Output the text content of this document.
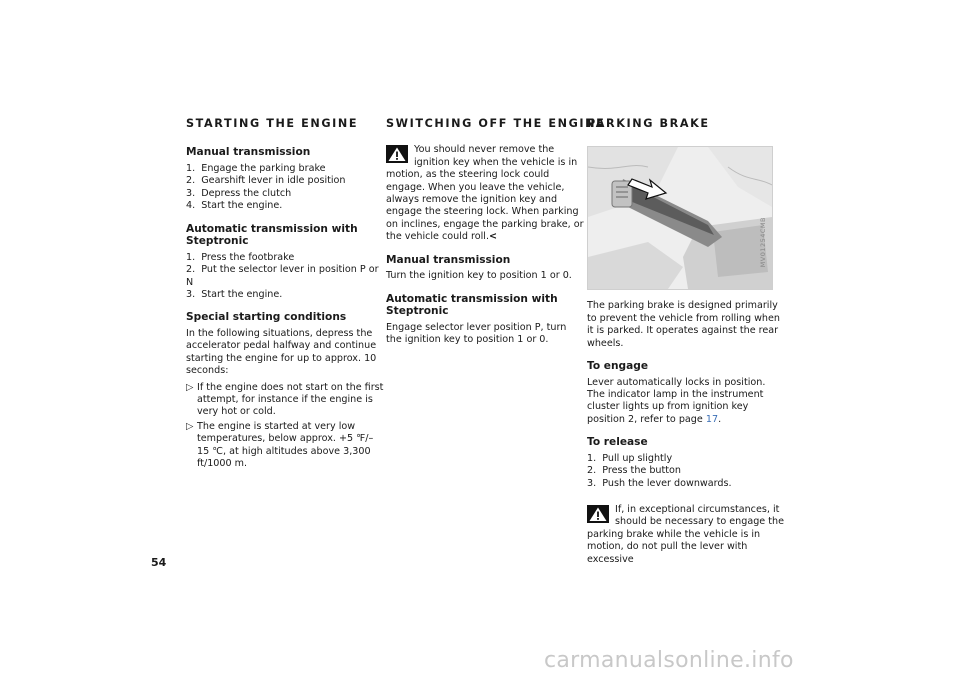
STARTING THE ENGINE
Manual transmission
1.  Engage the parking brake
2.  Gearshift lever in idle position
3.  Depress the clutch
4.  Start the engine.
Automatic transmission with Steptronic
1.  Press the footbrake
2.  Put the selector lever in position P or N
3.  Start the engine.
Special starting conditions

In the following situations, depress the accelerator pedal halfway and continue starting the engine for up to approx. 10 seconds:

▷ If the engine does not start on the first attempt, for instance if the engine is very hot or cold.
▷ The engine is started at very low temperatures, below approx. +5 ℉/–15 ℃, at high altitudes above 3,300 ft/1000 m.
SWITCHING OFF THE ENGINE
You should never remove the ignition key when the vehicle is in motion, as the steering lock could engage. When you leave the vehicle, always remove the ignition key and engage the steering lock. When parking on inclines, engage the parking brake, or the vehicle could roll.<
Manual transmission

Turn the ignition key to position 1 or 0.

Automatic transmission with Steptronic

Engage selector lever position P, turn the ignition key to position 1 or 0.

PARKING BRAKE
MV01254CMB

The parking brake is designed primarily to prevent the vehicle from rolling when it is parked. It operates against the rear wheels.

To engage

Lever automatically locks in position. The indicator lamp in the instrument cluster lights up from ignition key position 2, refer to page 17.

To release
1.  Pull up slightly
2.  Press the button
3.  Push the lever downwards.
If, in exceptional circumstances, it should be necessary to engage the parking brake while the vehicle is in motion, do not pull the lever with excessive
54
carmanualsonline.info
